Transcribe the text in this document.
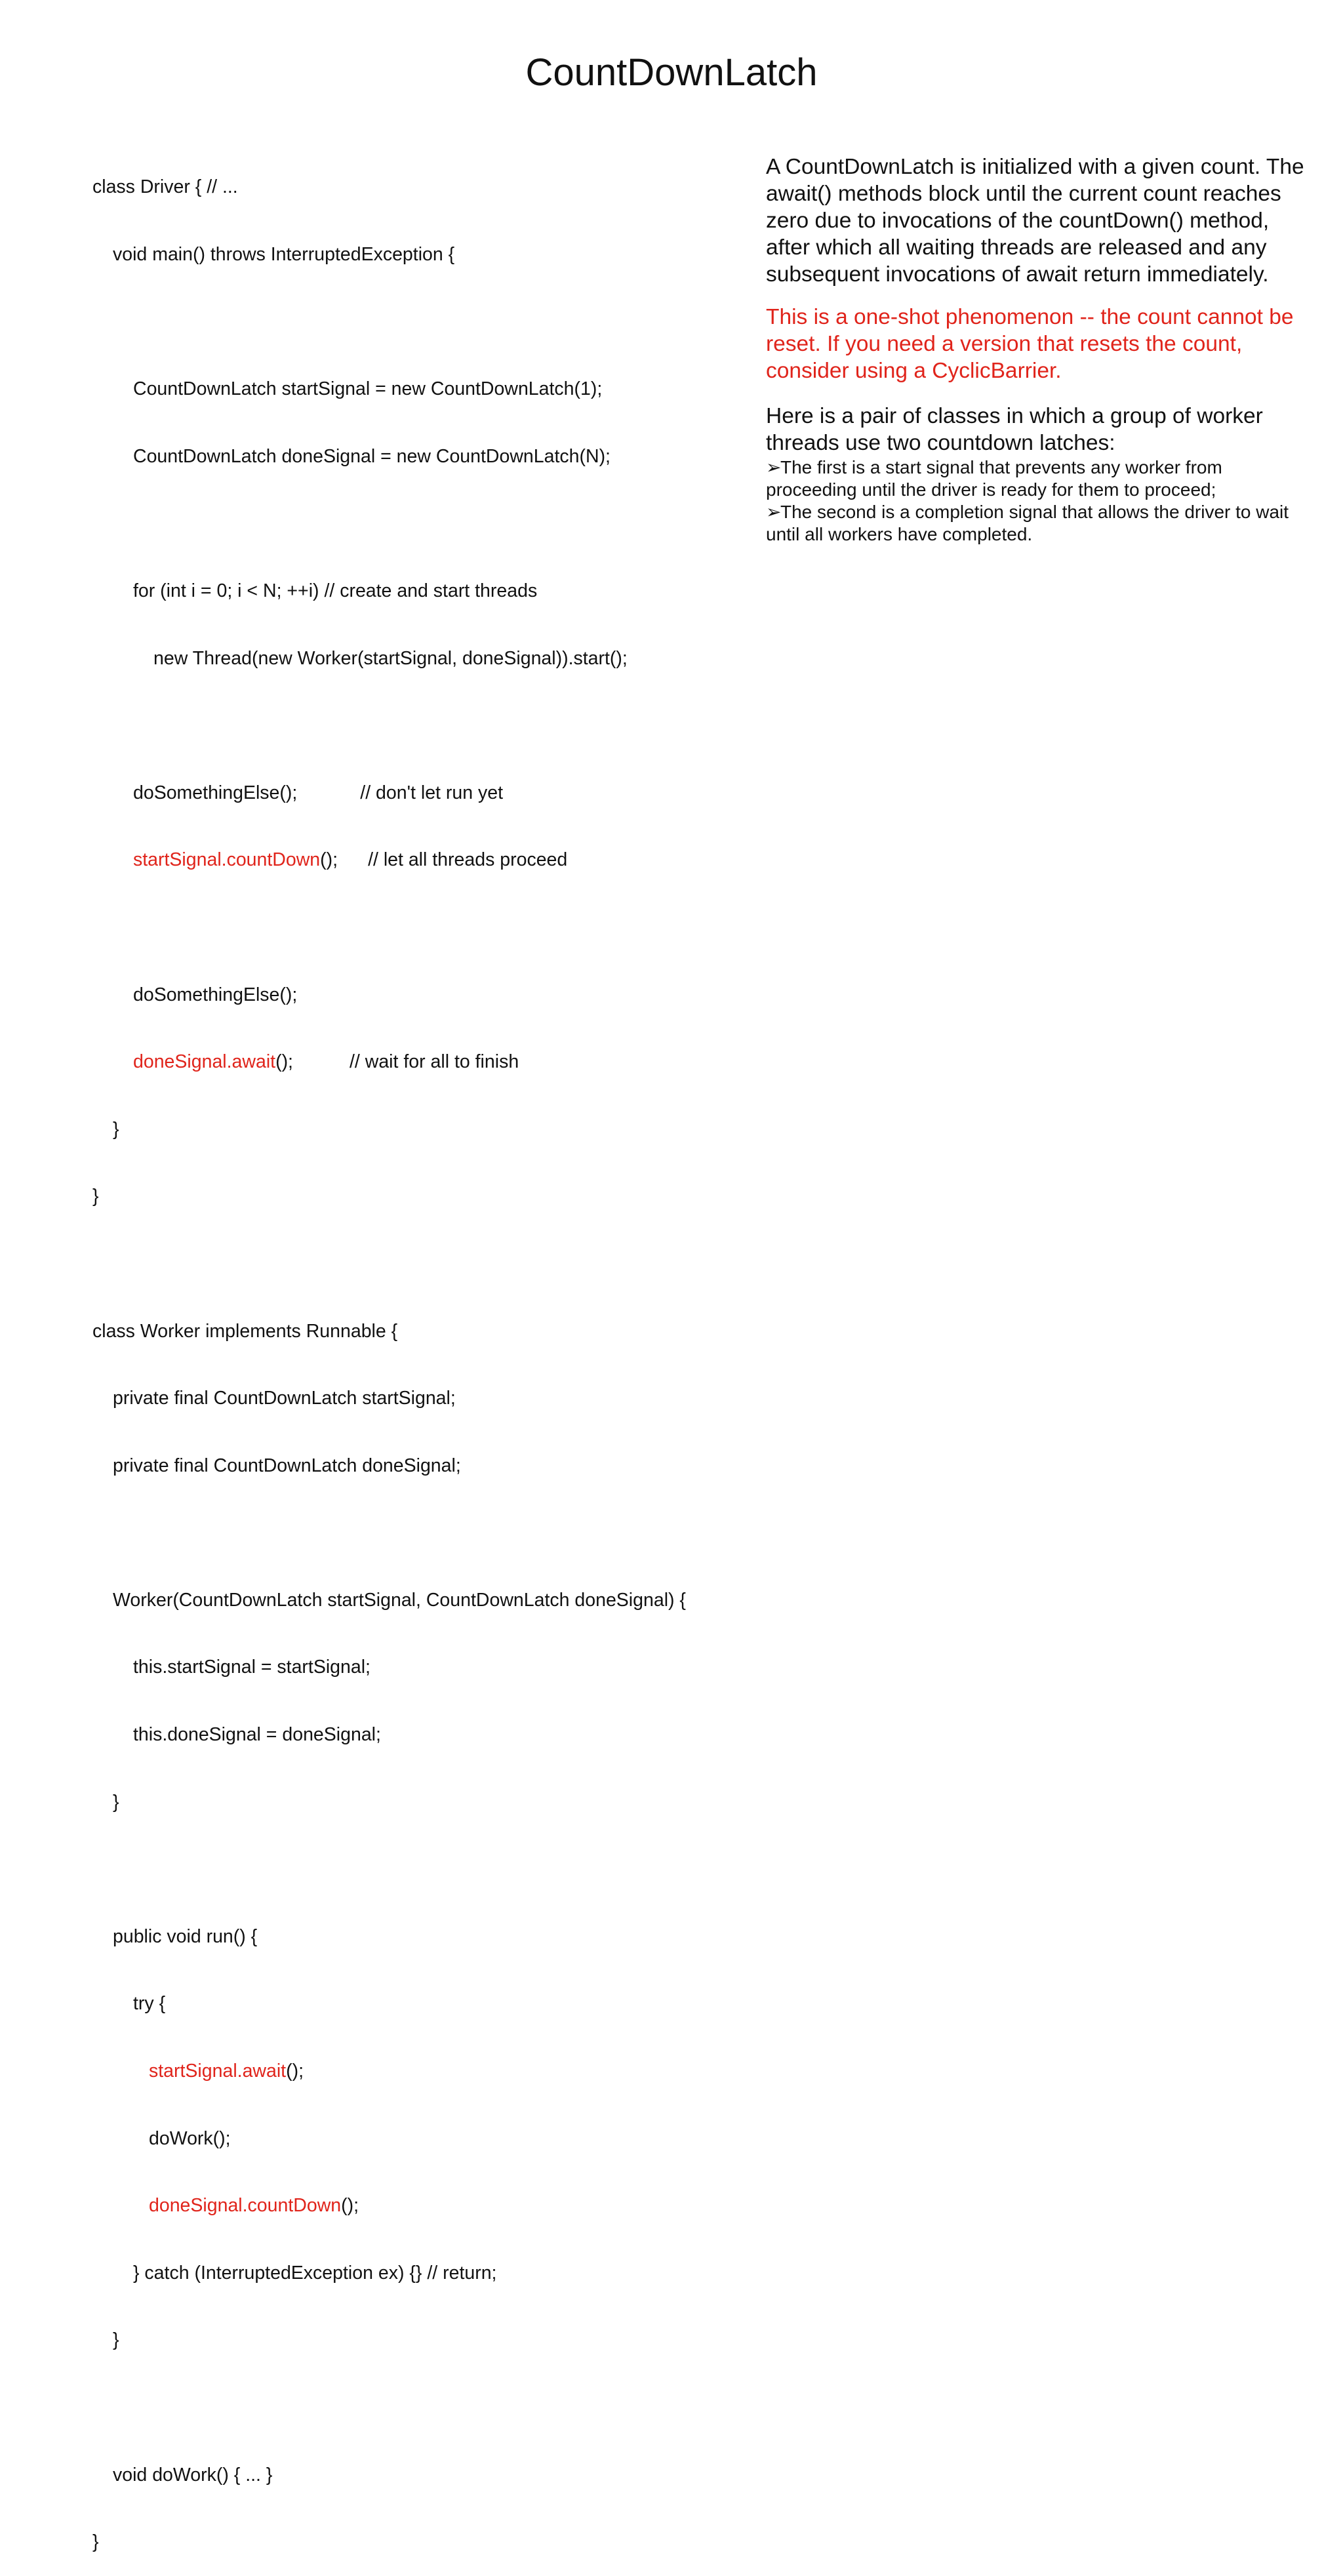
CountDownLatch

class Driver { // ...

void main() throws InterruptedException {

CountDownLatch startSignal = new CountDownLatch(1);

CountDownLatch doneSignal = new CountDownLatch(N);

for (int i = 0; i < N; ++i) // create and start threads

new Thread(new Worker(startSignal, doneSignal)).start();

doSomethingElse();	// don't let run yet

startSignal.countDown(); // let all threads proceed

doSomethingElse();

doneSignal.await();	// wait for all to finish

}

}

class Worker implements Runnable {

private final CountDownLatch startSignal;

private final CountDownLatch doneSignal;

Worker(CountDownLatch startSignal, CountDownLatch doneSignal) {

this.startSignal = startSignal;

this.doneSignal = doneSignal;

}

public void run() {

try {

startSignal.await();

doWork();

doneSignal.countDown();

} catch (InterruptedException ex) {} // return;

}

void doWork() { ... }

}

A CountDownLatch is initialized with a given count. The await() methods block until the current count reaches zero due to invocations of the countDown() method, after which all waiting threads are released and any subsequent invocations of await return immediately.

This is a one-shot phenomenon -- the count cannot be reset. If you need a version that resets the count, consider using a CyclicBarrier.

Here is a pair of classes in which a group of worker threads use two countdown latches:

➢The first is a start signal that prevents any worker from proceeding until the driver is ready for them to proceed;
➢The second is a completion signal that allows the driver to wait until all workers have completed.
